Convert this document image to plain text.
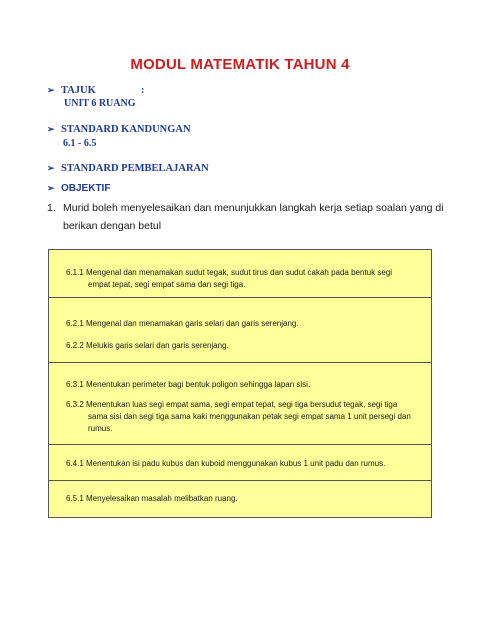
MODUL MATEMATIK TAHUN 4
➢ TAJUK	:
UNIT 6 RUANG
➢ STANDARD KANDUNGAN
6.1 - 6.5
➢ STANDARD PEMBELAJARAN
➢ OBJEKTIF
1. Murid boleh menyelesaikan dan menunjukkan langkah kerja setiap soalan yang di
berikan dengan betul
6.1.1 Mengenal dan menamakan sudut tegak, sudut tirus dan sudut cakah pada bentuk segi
empat tepat, segi empat sama dan segi tiga.
6.2.1 Mengenal dan menamakan garis selari dan garis serenjang.
6.2.2 Melukis garis selari dan garis serenjang.
6.3.1 Menentukan perimeter bagi bentuk poligon sehingga lapan sisi.
6.3.2 Menentukan luas segi empat sama, segi empat tepat, segi tiga bersudut tegak, segi tiga
sama sisi dan segi tiga sama kaki menggunakan petak segi empat sama 1 unit persegi dan
rumus.
6.4.1 Menentukan isi padu kubus dan kuboid menggunakan kubus 1 unit padu dan rumus.
6.5.1 Menyelesaikan masalah melibatkan ruang.
